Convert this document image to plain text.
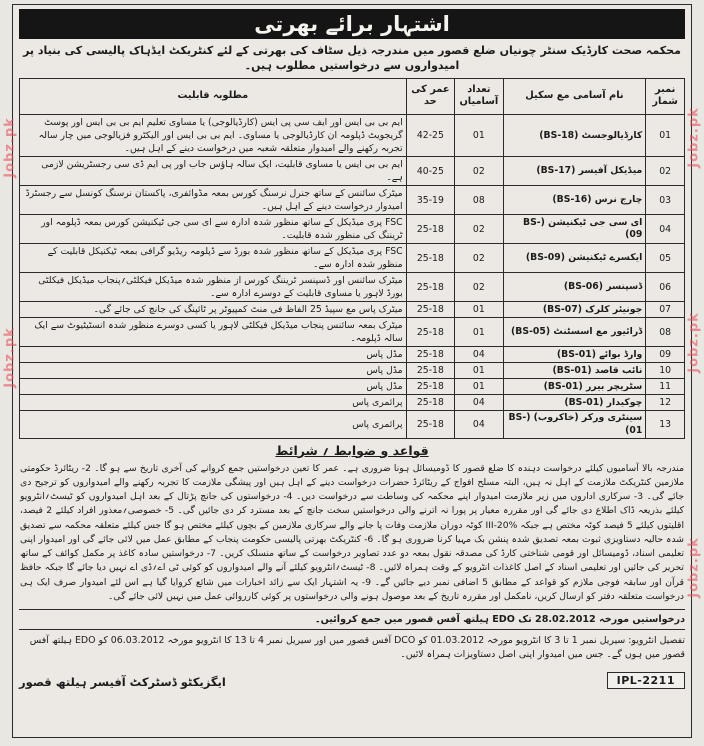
Jobz.pk
Jobz.pk
Jobz.pk
Jobz.pk
Jobz.pk
اشتہار برائے بھرتی
محکمہ صحت کارڈیک سنٹر چونیاں ضلع قصور میں مندرجہ ذیل سٹاف کی بھرتی کے لئے کنٹریکٹ ایڈہاک پالیسی کی بنیاد پر امیدواروں سے درخواستیں مطلوب ہیں۔
نمبر شمار	نام آسامی مع سکیل	تعداد آسامیاں	عمر کی حد	مطلوبہ قابلیت
01	کارڈیالوجسٹ (BS-18)	01	42-25	ایم بی بی ایس اور ایف سی پی ایس (کارڈیالوجی) یا مساوی تعلیم ایم بی بی ایس اور پوسٹ گریجویٹ ڈپلومہ ان کارڈیالوجی یا مساوی۔ ایم بی بی ایس اور الیکٹرو فزیالوجی میں چار سالہ تجربہ رکھنے والے امیدوار متعلقہ شعبہ میں درخواست دینے کے اہل ہیں۔
02	میڈیکل آفیسر (BS-17)	02	40-25	ایم بی بی ایس یا مساوی قابلیت، ایک سالہ ہاؤس جاب اور پی ایم ڈی سی رجسٹریشن لازمی ہے۔
03	چارج نرس (BS-16)	08	35-19	میٹرک سائنس کے ساتھ جنرل نرسنگ کورس بمعہ مڈوائفری، پاکستان نرسنگ کونسل سے رجسٹرڈ امیدوار درخواست دینے کے اہل ہیں۔
04	ای سی جی ٹیکنیشن (BS-09)	02	25-18	FSC پری میڈیکل کے ساتھ منظور شدہ ادارہ سے ای سی جی ٹیکنیشن کورس بمعہ ڈپلومہ اور ٹریننگ کی منظور شدہ قابلیت۔
05	ایکسرے ٹیکنیشن (BS-09)	02	25-18	FSC پری میڈیکل کے ساتھ منظور شدہ بورڈ سے ڈپلومہ ریڈیو گرافی بمعہ ٹیکنیکل قابلیت کے منظور شدہ ادارہ سے۔
06	ڈسپنسر (BS-06)	02	25-18	میٹرک سائنس اور ڈسپنسر ٹریننگ کورس از منظور شدہ میڈیکل فیکلٹی؍پنجاب میڈیکل فیکلٹی بورڈ لاہور یا مساوی قابلیت کے دوسرے ادارہ سے۔
07	جونیئر کلرک (BS-07)	01	25-18	میٹرک پاس مع سپیڈ 25 الفاظ فی منٹ کمپیوٹر پر ٹائپنگ کی جانچ کی جائے گی۔
08	ڈرائیور مع اسسٹنٹ (BS-05)	01	25-18	میٹرک بمعہ سائنس پنجاب میڈیکل فیکلٹی لاہور یا کسی دوسرے منظور شدہ انسٹیٹیوٹ سے ایک سالہ ڈپلومہ۔
09	وارڈ بوائے (BS-01)	04	25-18	مڈل پاس
10	نائب قاصد (BS-01)	01	25-18	مڈل پاس
11	سٹریچر بیرر (BS-01)	01	25-18	مڈل پاس
12	چوکیدار (BS-01)	04	25-18	پرائمری پاس
13	سینٹری ورکر (خاکروب) (BS-01)	04	25-18	پرائمری پاس
قواعد و ضوابط ؍ شرائط
مندرجہ بالا آسامیوں کیلئے درخواست دہندہ کا ضلع قصور کا ڈومیسائل ہونا ضروری ہے۔ عمر کا تعین درخواستیں جمع کروانے کی آخری تاریخ سے ہو گا۔ 2- ریٹائرڈ حکومتی ملازمین کنٹریکٹ ملازمت کے اہل نہ ہیں، البتہ مسلح افواج کے ریٹائرڈ حضرات درخواست دینے کے اہل ہیں اور پیشگی ملازمت کا تجربہ رکھنے والے امیدواروں کو ترجیح دی جائے گی۔ 3- سرکاری اداروں میں زیر ملازمت امیدوار اپنے محکمہ کی وساطت سے درخواست دیں۔ 4- درخواستوں کی جانچ پڑتال کے بعد اہل امیدواروں کو ٹیسٹ؍انٹرویو کیلئے بذریعہ ڈاک اطلاع دی جائے گی اور مقررہ معیار پر پورا نہ اترنے والی درخواستیں سخت جانچ کے بعد مسترد کر دی جائیں گی۔ 5- خصوصی؍معذور افراد کیلئے 2 فیصد، اقلیتوں کیلئے 5 فیصد کوٹہ مختص ہے جبکہ III-20% کوٹہ دوران ملازمت وفات پا جانے والے سرکاری ملازمین کے بچوں کیلئے مختص ہو گا جس کیلئے متعلقہ محکمہ سے تصدیق شدہ حالیہ دستاویزی ثبوت بمعہ تصدیق شدہ پنشن بک مہیا کرنا ضروری ہو گا۔ 6- کنٹریکٹ بھرتی پالیسی حکومت پنجاب کے مطابق عمل میں لائی جائے گی اور امیدوار اپنی تعلیمی اسناد، ڈومیسائل اور قومی شناختی کارڈ کی مصدقہ نقول بمعہ دو عدد تصاویر درخواست کے ساتھ منسلک کریں۔ 7- درخواستیں سادہ کاغذ پر مکمل کوائف کے ساتھ تحریر کی جائیں اور تعلیمی اسناد کے اصل کاغذات انٹرویو کے وقت ہمراہ لائیں۔ 8- ٹیسٹ؍انٹرویو کیلئے آنے والے امیدواروں کو کوئی ٹی اے؍ڈی اے نہیں دیا جائے گا جبکہ حافظ قرآن اور سابقہ فوجی ملازم کو قواعد کے مطابق 5 اضافی نمبر دیے جائیں گے۔ 9- یہ اشتہار ایک سے زائد اخبارات میں شائع کروایا گیا ہے اس لئے امیدوار صرف ایک ہی درخواست متعلقہ دفتر کو ارسال کریں، نامکمل اور مقررہ تاریخ کے بعد موصول ہونے والی درخواستوں پر کوئی کارروائی عمل میں نہیں لائی جائے گی۔
درخواستیں مورخہ 28.02.2012 تک EDO ہیلتھ آفس قصور میں جمع کروائیں۔
تفصیل انٹرویو: سیریل نمبر 1 تا 3 کا انٹرویو مورخہ 01.03.2012 کو DCO آفس قصور میں اور سیریل نمبر 4 تا 13 کا انٹرویو مورخہ 06.03.2012 کو EDO ہیلتھ آفس قصور میں ہوں گے۔ جس میں امیدوار اپنی اصل دستاویزات ہمراہ لائیں۔
ایگزیکٹو ڈسٹرکٹ آفیسر ہیلتھ قصور	IPL-2211
